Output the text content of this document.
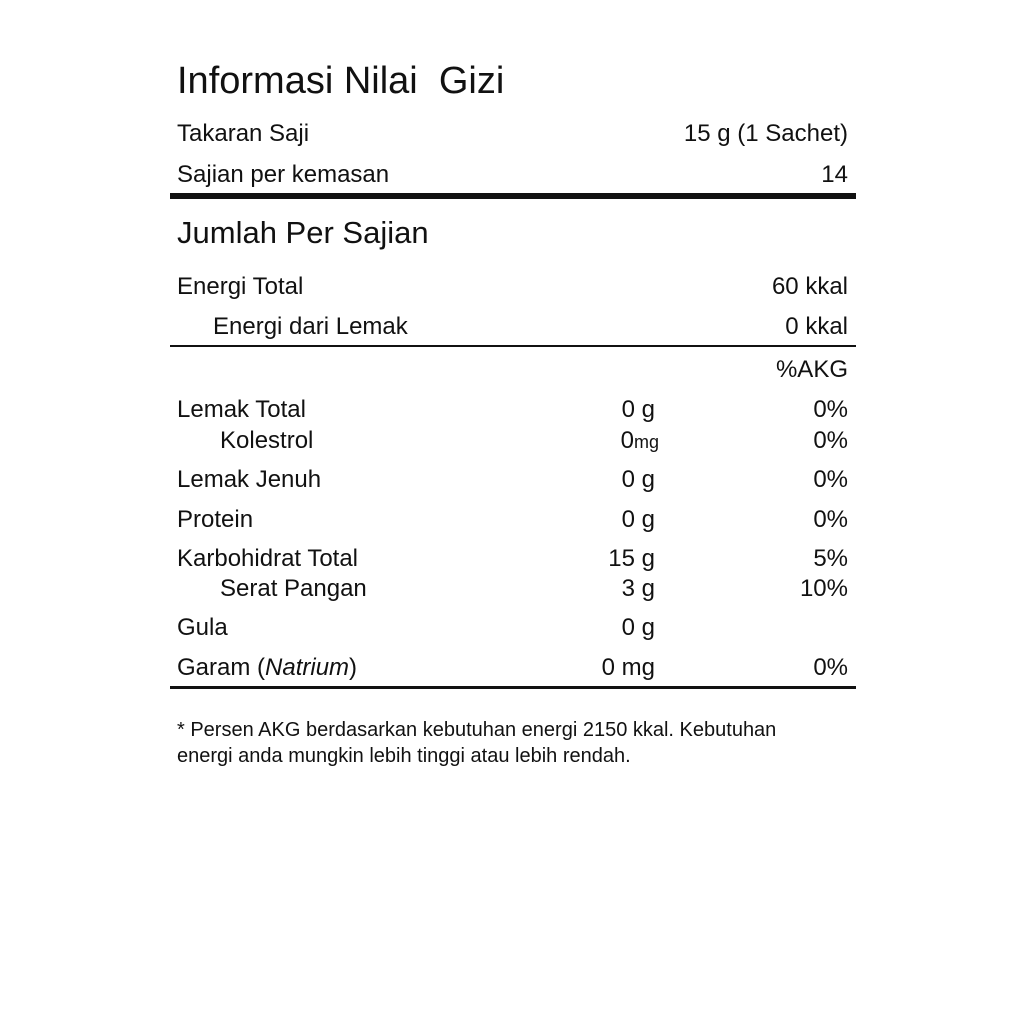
Informasi Nilai  Gizi
Takaran Saji	15 g (1 Sachet)
Sajian per kemasan	14
Jumlah Per Sajian
Energi Total	60 kkal
Energi dari Lemak	0 kkal
%AKG
Lemak Total	0 g	0%
Kolestrol	0mg	0%
Lemak Jenuh	0 g	0%
Protein	0 g	0%
Karbohidrat Total	15 g	5%
Serat Pangan	3 g	10%
Gula	0 g
Garam (Natrium)	0 mg	0%
* Persen AKG berdasarkan kebutuhan energi 2150 kkal. Kebutuhan
energi anda mungkin lebih tinggi atau lebih rendah.
